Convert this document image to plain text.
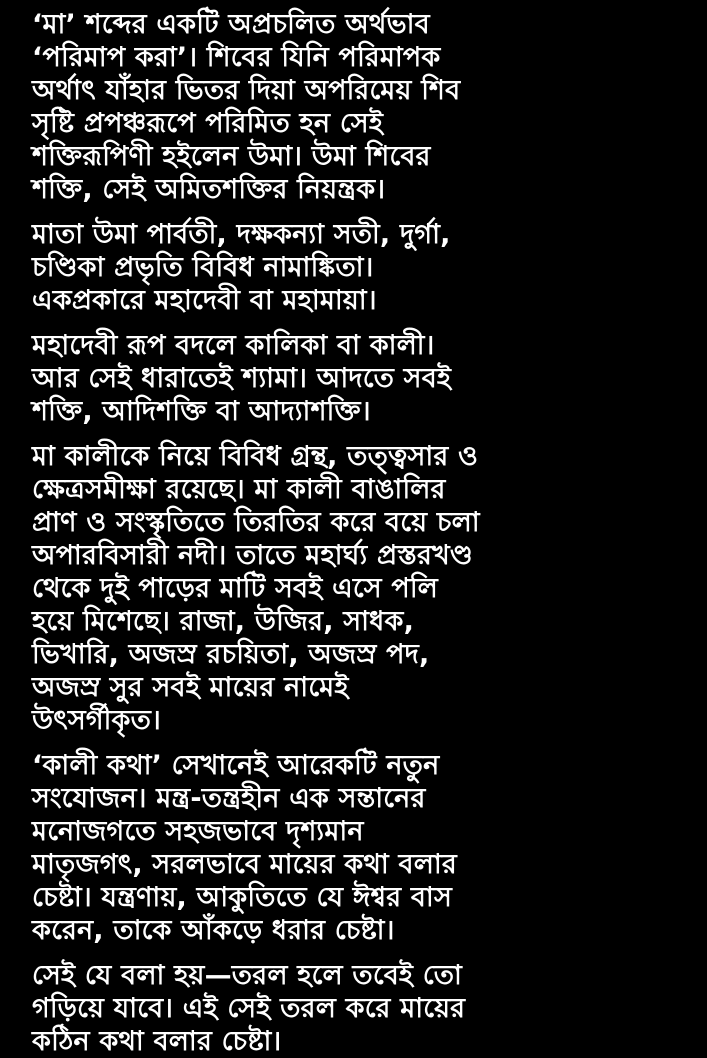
‘মা’ শব্দের একটি অপ্রচলিত অর্থভাব
‘পরিমাপ করা’। শিবের যিনি পরিমাপক
অর্থাৎ যাঁহার ভিতর দিয়া অপরিমেয় শিব
সৃষ্টি প্রপঞ্চরূপে পরিমিত হন সেই
শক্তিরূপিণী হইলেন উমা। উমা শিবের
শক্তি, সেই অমিতশক্তির নিয়ন্ত্রক।
মাতা উমা পার্বতী, দক্ষকন্যা সতী, দুর্গা,
চণ্ডিকা প্রভৃতি বিবিধ নামাঙ্কিতা।
একপ্রকারে মহাদেবী বা মহামায়া।
মহাদেবী রূপ বদলে কালিকা বা কালী।
আর সেই ধারাতেই শ্যামা। আদতে সবই
শক্তি, আদিশক্তি বা আদ্যাশক্তি।
মা কালীকে নিয়ে বিবিধ গ্রন্থ, তত্ত্বসার ও
ক্ষেত্রসমীক্ষা রয়েছে। মা কালী বাঙালির
প্রাণ ও সংস্কৃতিতে তিরতির করে বয়ে চলা
অপারবিসারী নদী। তাতে মহার্ঘ্য প্রস্তরখণ্ড
থেকে দুই পাড়ের মাটি সবই এসে পলি
হয়ে মিশেছে। রাজা, উজির, সাধক,
ভিখারি, অজস্র রচয়িতা, অজস্র পদ,
অজস্র সুর সবই মায়ের নামেই
উৎসর্গীকৃত।
‘কালী কথা’ সেখানেই আরেকটি নতুন
সংযোজন। মন্ত্র-তন্ত্রহীন এক সন্তানের
মনোজগতে সহজভাবে দৃশ্যমান
মাতৃজগৎ, সরলভাবে মায়ের কথা বলার
চেষ্টা। যন্ত্রণায়, আকুতিতে যে ঈশ্বর বাস
করেন, তাকে আঁকড়ে ধরার চেষ্টা।
সেই যে বলা হয়—তরল হলে তবেই তো
গড়িয়ে যাবে। এই সেই তরল করে মায়ের
কঠিন কথা বলার চেষ্টা।
